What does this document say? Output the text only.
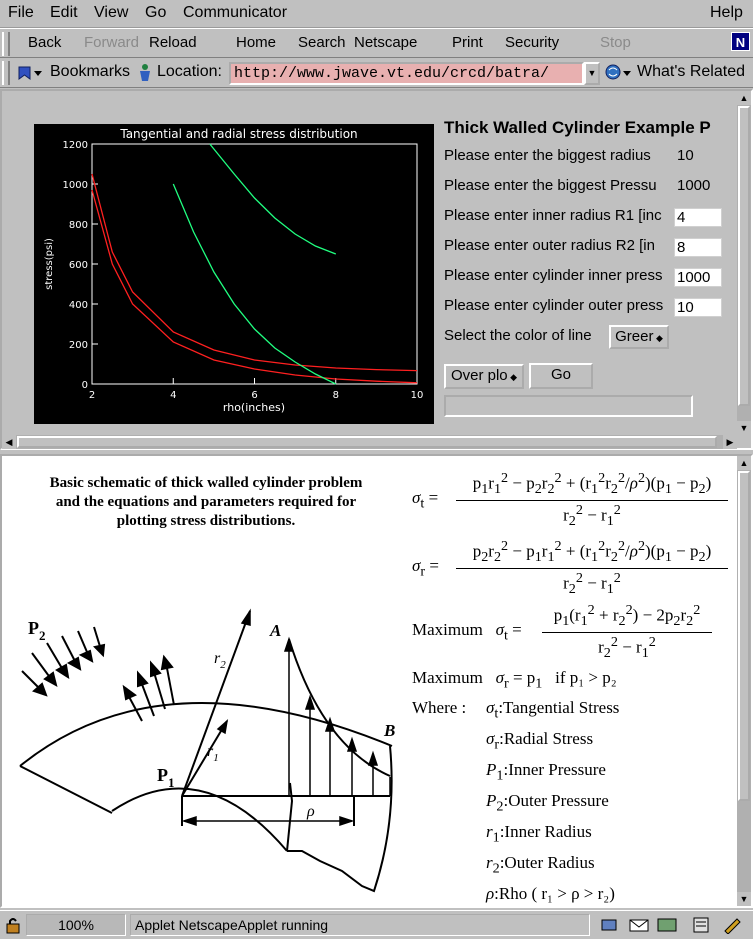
File Edit View Go Communicator	Help
Back Forward Reload	Home Search Netscape Print Security	Stop	N
Bookmarks Location: http://www.jwave.vt.edu/crcd/batra/	▼	What's Related
Tangential and radial stress distribution
2	4	6	8	10
0
200
400
600
800
1000
1200
rho(inches)
stress(psi)
Thick Walled Cylinder Example P
Please enter the biggest radius	10
Please enter the biggest Pressu	1000
Please enter inner radius R1 [inc	4
Please enter outer radius R2 [in	8
Please enter cylinder inner press 1000
Please enter cylinder outer press 10
Select the color of line	Greer ◆
Over plo ◆	Go
▲
▼
◀	▶
Basic schematic of thick walled cylinder problem
and the equations and parameters required for
plotting stress distributions.
$P_2$
$P_1$
$r_2$
$r_1$
A
B
ρ
$\sigma_t$ =
$p_1r_1^2 - p_2r_2^2 + (r_1^2r_2^2/\rho^2)(p_1 - p_2)$
$r_2^2 - r_1^2$
$\sigma_r$ =
$p_2r_2^2 - p_1r_1^2 + (r_1^2r_2^2/\rho^2)(p_1 - p_2)$
$r_2^2 - r_1^2$
Maximum $\sigma_t$ =
$p_1(r_1^2 + r_2^2) - 2p_2r_2^2$
$r_2^2 - r_1^2$
Maximum $\sigma_r = p_1$ if p₁ > p₂
Where : $\sigma_t:Tangential$ Stress
$\sigma_r:Radial$ Stress
$P_1:Inner$ Pressure
$P_2:Outer$ Pressure
$r_1:Inner$ Radius
$r_2:Outer$ Radius
ρ:Rho ( r₁ > ρ > r₂)
▲
▼
100%	Applet NetscapeApplet running
